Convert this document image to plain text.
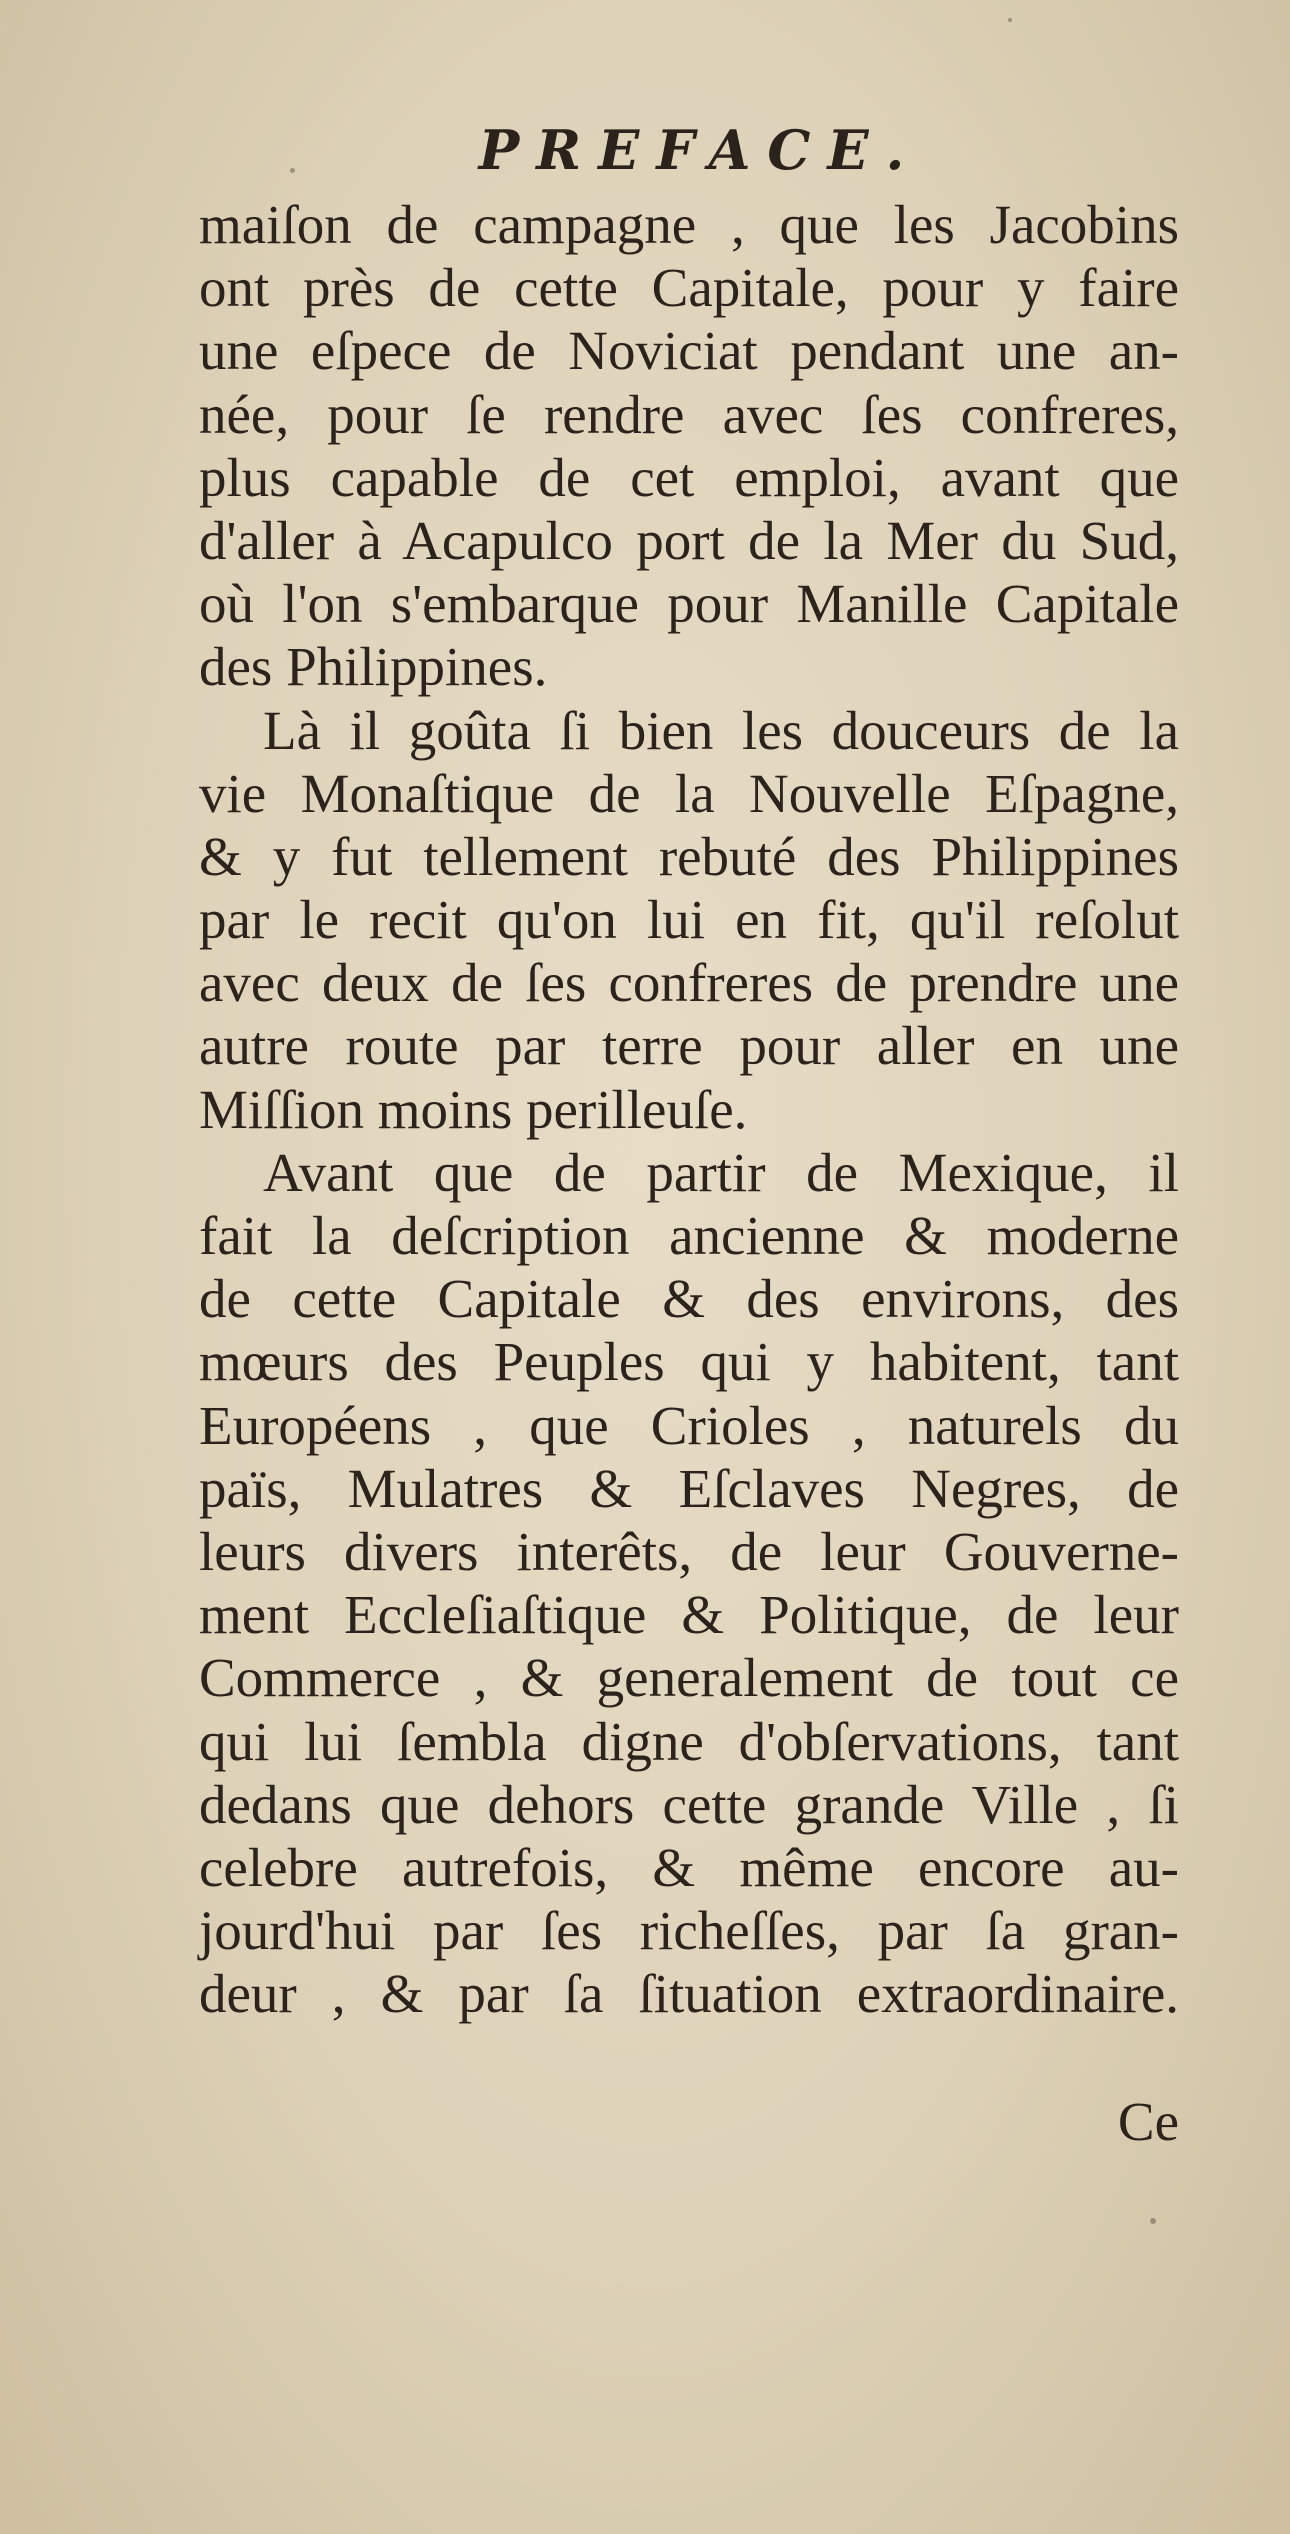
PREFACE.
maiſon de campagne , que les Jacobins
ont près de cette Capitale, pour y faire
une eſpece de Noviciat pendant une an-
née, pour ſe rendre avec ſes confreres,
plus capable de cet emploi, avant que
d'aller à Acapulco port de la Mer du Sud,
où l'on s'embarque pour Manille Capitale
des Philippines.
Là il goûta ſi bien les douceurs de la
vie Monaſtique de la Nouvelle Eſpagne,
& y fut tellement rebuté des Philippines
par le recit qu'on lui en fit, qu'il reſolut
avec deux de ſes confreres de prendre une
autre route par terre pour aller en une
Miſſion moins perilleuſe.
Avant que de partir de Mexique, il
fait la deſcription ancienne & moderne
de cette Capitale & des environs, des
mœurs des Peuples qui y habitent, tant
Européens , que Crioles , naturels du
païs, Mulatres & Eſclaves Negres, de
leurs divers interêts, de leur Gouverne-
ment Eccleſiaſtique & Politique, de leur
Commerce , & generalement de tout ce
qui lui ſembla digne d'obſervations, tant
dedans que dehors cette grande Ville , ſi
celebre autrefois, & même encore au-
jourd'hui par ſes richeſſes, par ſa gran-
deur , & par ſa ſituation extraordinaire.
Ce
